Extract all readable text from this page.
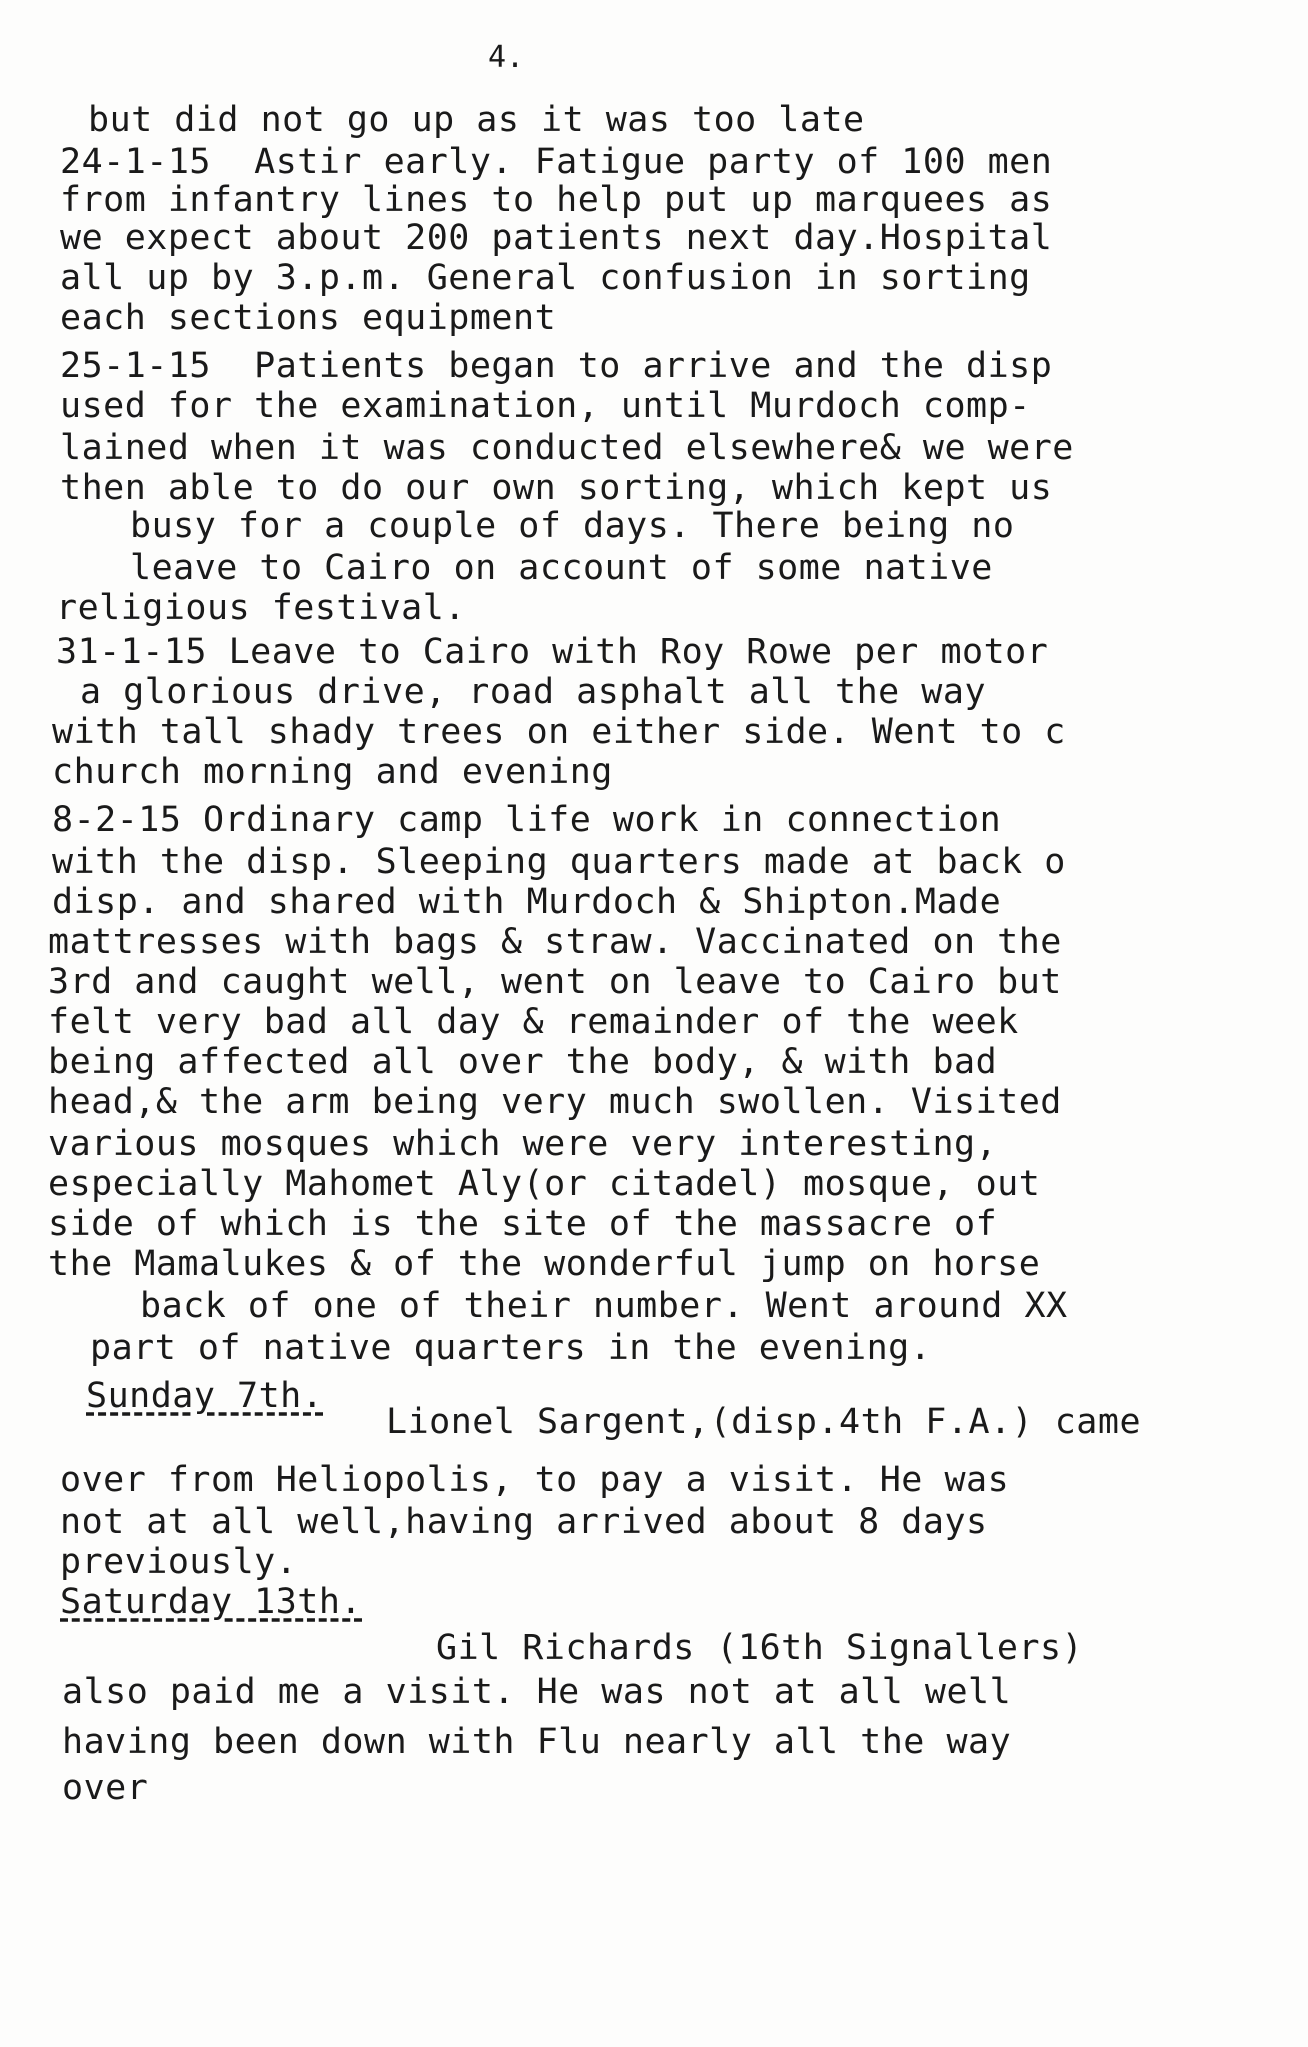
4.
but did not go up as it was too late
24-1-15  Astir early. Fatigue party of 100 men
from infantry lines to help put up marquees as
we expect about 200 patients next day.Hospital
all up by 3.p.m. General confusion in sorting
each sections equipment
25-1-15  Patients began to arrive and the disp
used for the examination, until Murdoch comp-
lained when it was conducted elsewhere& we were
then able to do our own sorting, which kept us
busy for a couple of days. There being no
leave to Cairo on account of some native
religious festival.
31-1-15 Leave to Cairo with Roy Rowe per motor
a glorious drive, road asphalt all the way
with tall shady trees on either side. Went to c
church morning and evening
8-2-15 Ordinary camp life work in connection
with the disp. Sleeping quarters made at back o
disp. and shared with Murdoch & Shipton.Made
mattresses with bags & straw. Vaccinated on the
3rd and caught well, went on leave to Cairo but
felt very bad all day & remainder of the week
being affected all over the body, & with bad
head,& the arm being very much swollen. Visited
various mosques which were very interesting,
especially Mahomet Aly(or citadel) mosque, out
side of which is the site of the massacre of
the Mamalukes & of the wonderful jump on horse
back of one of their number. Went around XX
part of native quarters in the evening.
Sunday 7th.
Lionel Sargent,(disp.4th F.A.) came
over from Heliopolis, to pay a visit. He was
not at all well,having arrived about 8 days
previously.
Saturday 13th.
Gil Richards (16th Signallers)
also paid me a visit. He was not at all well
having been down with Flu nearly all the way
over
